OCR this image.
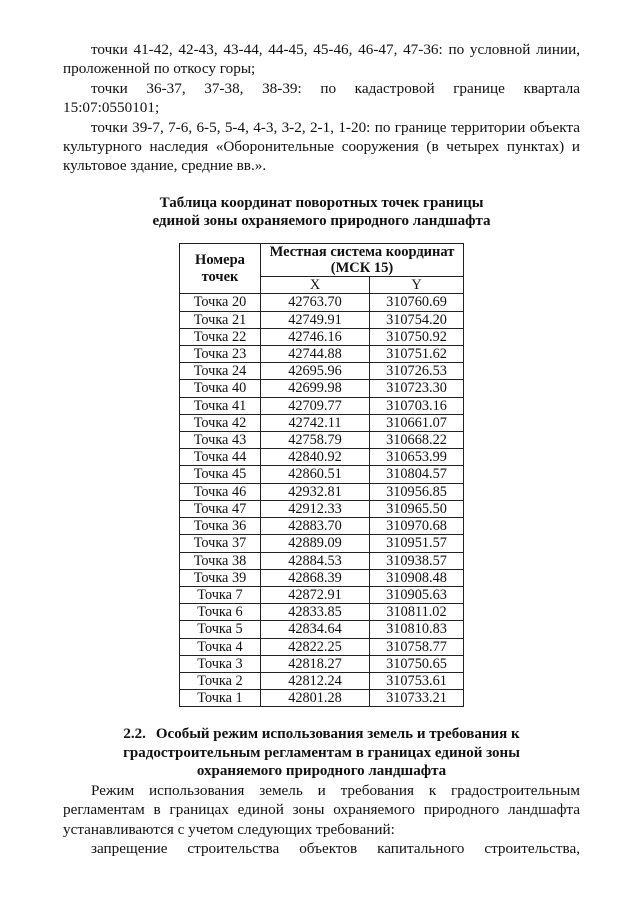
точки 41-42, 42-43, 43-44, 44-45, 45-46, 46-47, 47-36: по условной линии, проложенной по откосу горы;

точки 36-37, 37-38, 38-39: по кадастровой границе квартала

15:07:0550101;

точки 39-7, 7-6, 6-5, 5-4, 4-3, 3-2, 2-1, 1-20: по границе территории объекта культурного наследия «Оборонительные сооружения (в четырех пунктах) и культовое здание, средние вв.».

Таблица координат поворотных точек границы
единой зоны охраняемого природного ландшафта
Номера точек	Местная система координат (МСК 15)	
	X	Y
Точка 20	42763.70	310760.69
Точка 21	42749.91	310754.20
Точка 22	42746.16	310750.92
Точка 23	42744.88	310751.62
Точка 24	42695.96	310726.53
Точка 40	42699.98	310723.30
Точка 41	42709.77	310703.16
Точка 42	42742.11	310661.07
Точка 43	42758.79	310668.22
Точка 44	42840.92	310653.99
Точка 45	42860.51	310804.57
Точка 46	42932.81	310956.85
Точка 47	42912.33	310965.50
Точка 36	42883.70	310970.68
Точка 37	42889.09	310951.57
Точка 38	42884.53	310938.57
Точка 39	42868.39	310908.48
Точка 7	42872.91	310905.63
Точка 6	42833.85	310811.02
Точка 5	42834.64	310810.83
Точка 4	42822.25	310758.77
Точка 3	42818.27	310750.65
Точка 2	42812.24	310753.61
Точка 1	42801.28	310733.21
2.2. Особый режим использования земель и требования к
градостроительным регламентам в границах единой зоны
охраняемого природного ландшафта

Режим использования земель и требования к градостроительным регламентам в границах единой зоны охраняемого природного ландшафта устанавливаются с учетом следующих требований:

запрещение строительства объектов капитального строительства,
